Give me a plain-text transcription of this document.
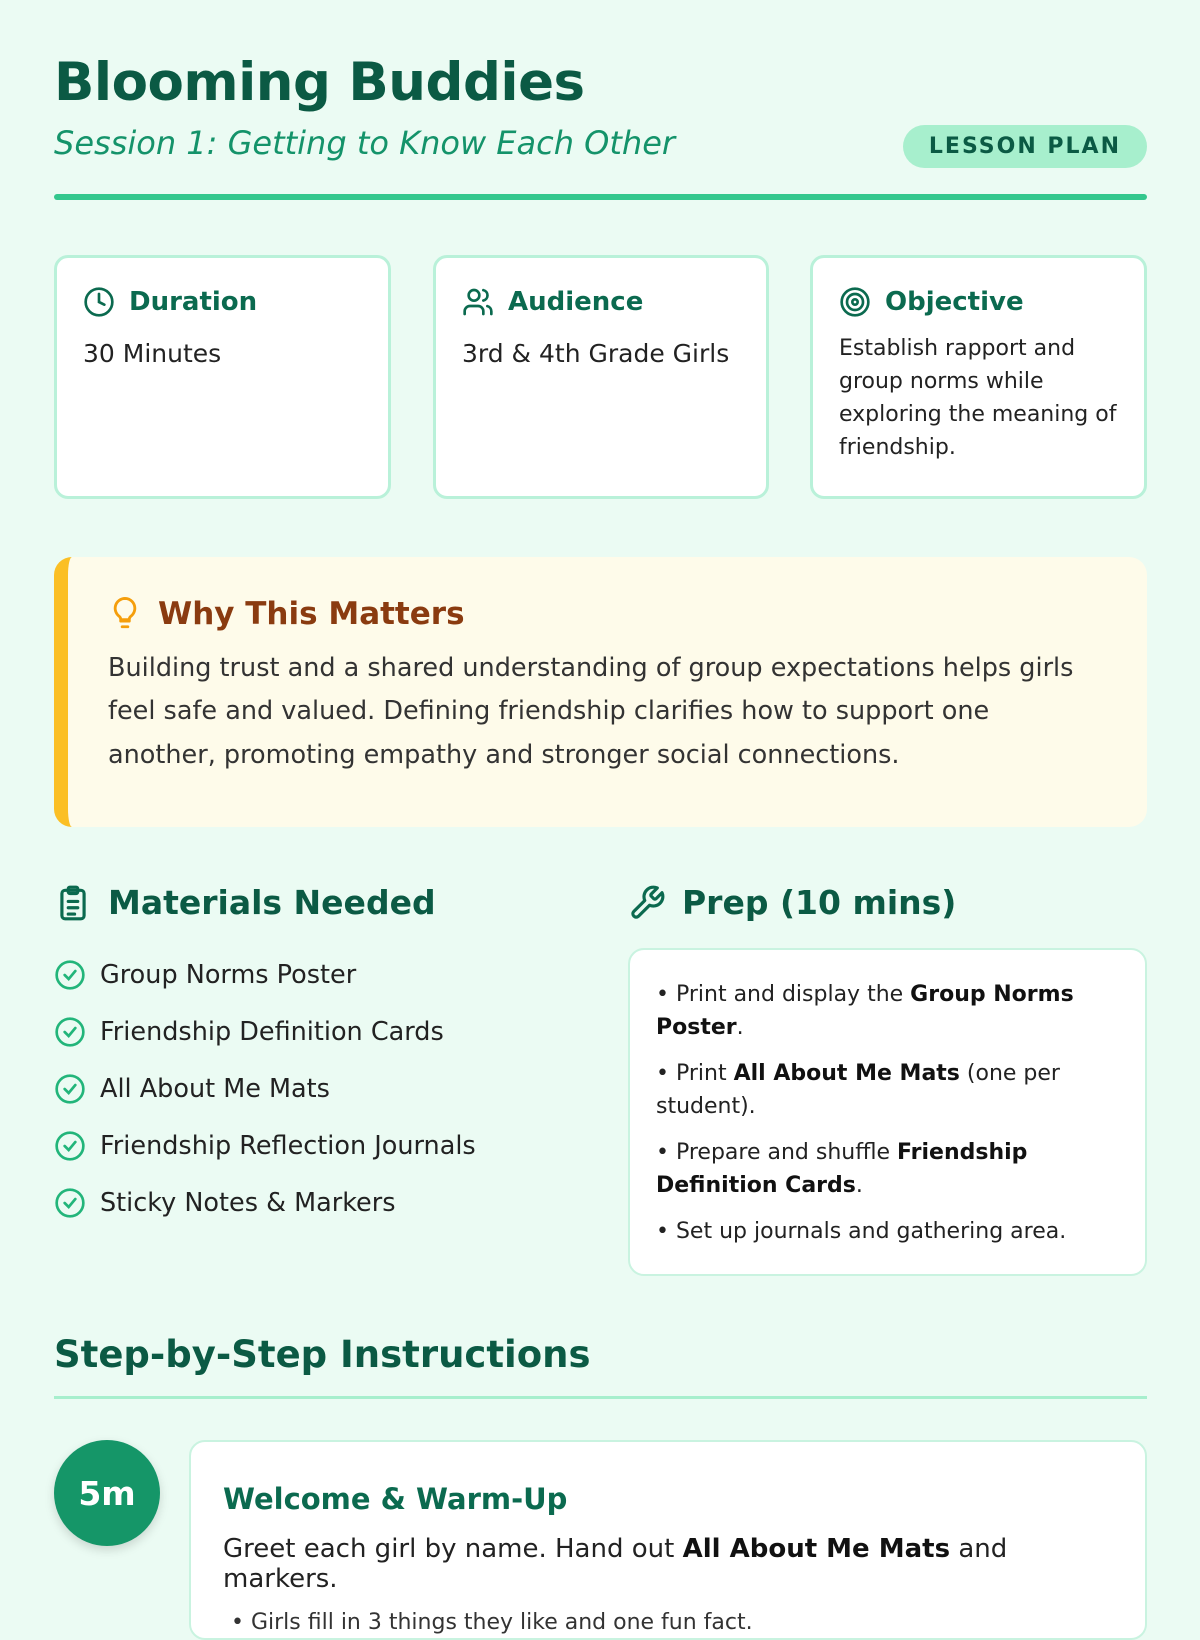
Blooming Buddies
Session 1: Getting to Know Each Other	LESSON PLAN
Duration
30 Minutes
Audience
3rd & 4th Grade Girls
Objective
Establish rapport and group norms while exploring the meaning of friendship.
Why This Matters
Building trust and a shared understanding of group expectations helps girls feel safe and valued. Defining friendship clarifies how to support one another, promoting empathy and stronger social connections.
Materials Needed
Group Norms Poster
Friendship Definition Cards
All About Me Mats
Friendship Reflection Journals
Sticky Notes & Markers
Prep (10 mins)
• Print and display the Group Norms Poster.
• Print All About Me Mats (one per student).
• Prepare and shuffle Friendship Definition Cards.
• Set up journals and gathering area.
Step-by-Step Instructions
5m	Welcome & Warm-Up
Greet each girl by name. Hand out All About Me Mats and markers.
• Girls fill in 3 things they like and one fun fact.
